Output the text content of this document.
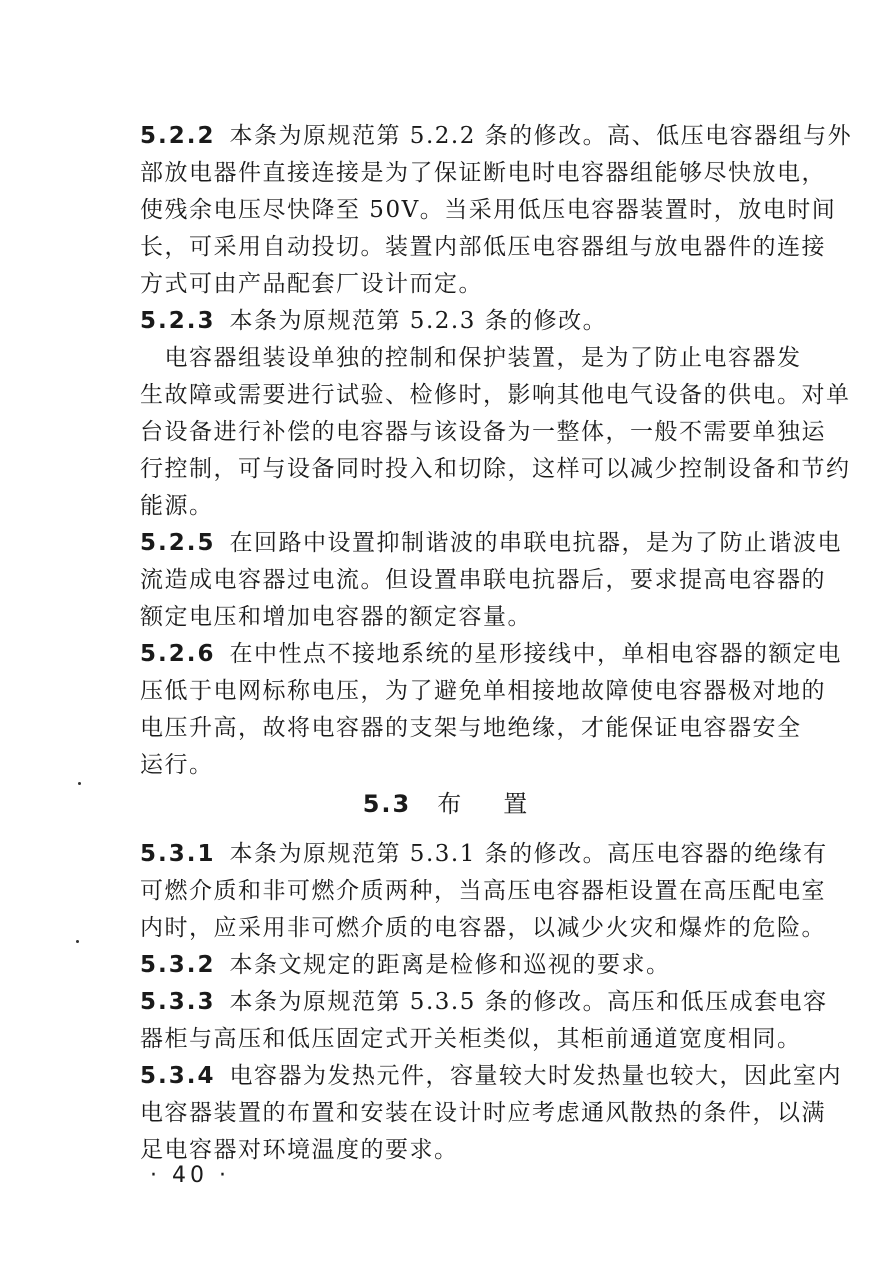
5.2.2 本条为原规范第 5.2.2 条的修改。高、低压电容器组与外
部放电器件直接连接是为了保证断电时电容器组能够尽快放电，
使残余电压尽快降至 50V。当采用低压电容器装置时，放电时间
长，可采用自动投切。装置内部低压电容器组与放电器件的连接
方式可由产品配套厂设计而定。
5.2.3 本条为原规范第 5.2.3 条的修改。
　电容器组装设单独的控制和保护装置，是为了防止电容器发
生故障或需要进行试验、检修时，影响其他电气设备的供电。对单
台设备进行补偿的电容器与该设备为一整体，一般不需要单独运
行控制，可与设备同时投入和切除，这样可以减少控制设备和节约
能源。
5.2.5 在回路中设置抑制谐波的串联电抗器，是为了防止谐波电
流造成电容器过电流。但设置串联电抗器后，要求提高电容器的
额定电压和增加电容器的额定容量。
5.2.6 在中性点不接地系统的星形接线中，单相电容器的额定电
压低于电网标称电压，为了避免单相接地故障使电容器极对地的
电压升高，故将电容器的支架与地绝缘，才能保证电容器安全
运行。
5.3 布 置
5.3.1 本条为原规范第 5.3.1 条的修改。高压电容器的绝缘有
可燃介质和非可燃介质两种，当高压电容器柜设置在高压配电室
内时，应采用非可燃介质的电容器，以减少火灾和爆炸的危险。
5.3.2 本条文规定的距离是检修和巡视的要求。
5.3.3 本条为原规范第 5.3.5 条的修改。高压和低压成套电容
器柜与高压和低压固定式开关柜类似，其柜前通道宽度相同。
5.3.4 电容器为发热元件，容量较大时发热量也较大，因此室内
电容器装置的布置和安装在设计时应考虑通风散热的条件，以满
足电容器对环境温度的要求。
· 40 ·
